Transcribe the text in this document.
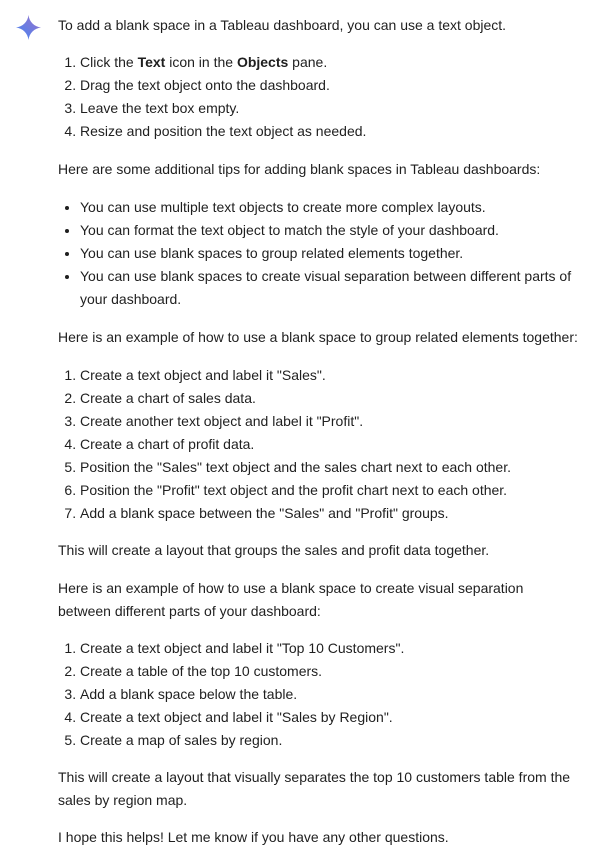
To add a blank space in a Tableau dashboard, you can use a text object.

1. Click the Text icon in the Objects pane.
2. Drag the text object onto the dashboard.
3. Leave the text box empty.
4. Resize and position the text object as needed.

Here are some additional tips for adding blank spaces in Tableau dashboards:

• You can use multiple text objects to create more complex layouts.
• You can format the text object to match the style of your dashboard.
• You can use blank spaces to group related elements together.
• You can use blank spaces to create visual separation between different parts of your dashboard.

Here is an example of how to use a blank space to group related elements together:

1. Create a text object and label it "Sales".
2. Create a chart of sales data.
3. Create another text object and label it "Profit".
4. Create a chart of profit data.
5. Position the "Sales" text object and the sales chart next to each other.
6. Position the "Profit" text object and the profit chart next to each other.
7. Add a blank space between the "Sales" and "Profit" groups.

This will create a layout that groups the sales and profit data together.

Here is an example of how to use a blank space to create visual separation between different parts of your dashboard:

1. Create a text object and label it "Top 10 Customers".
2. Create a table of the top 10 customers.
3. Add a blank space below the table.
4. Create a text object and label it "Sales by Region".
5. Create a map of sales by region.

This will create a layout that visually separates the top 10 customers table from the sales by region map.

I hope this helps! Let me know if you have any other questions.
